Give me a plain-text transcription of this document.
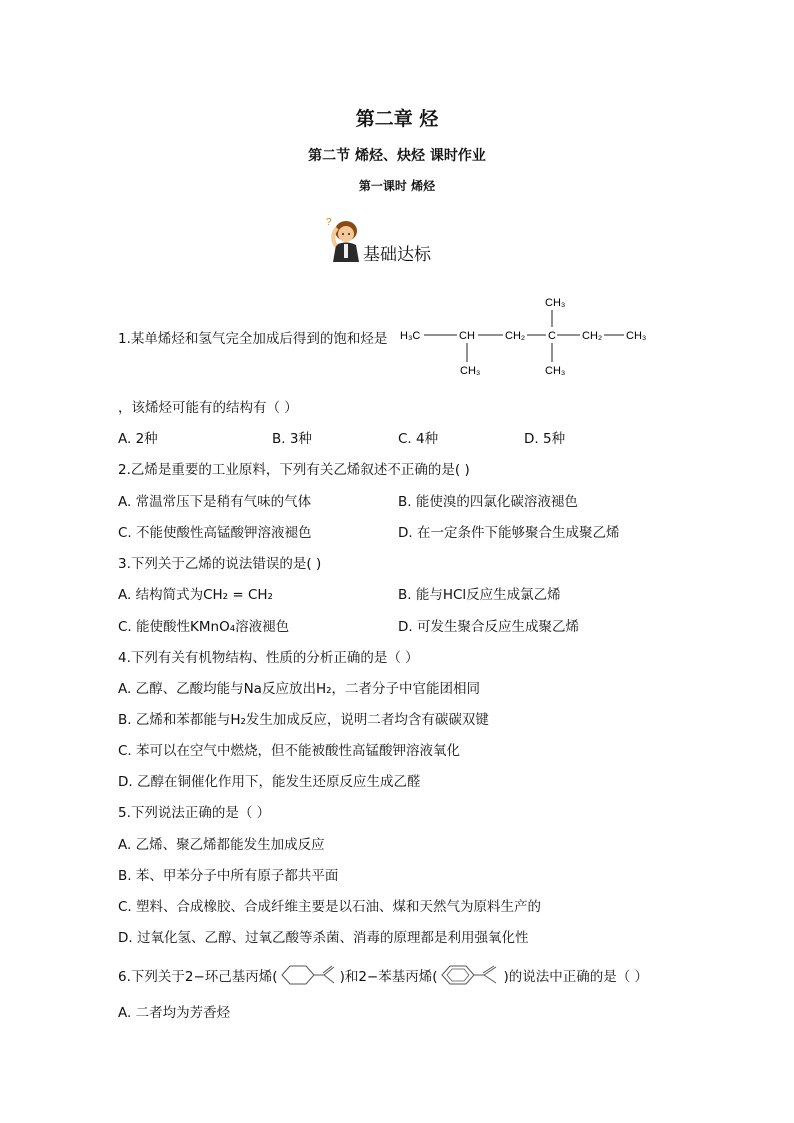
第二章 烃
第二节 烯烃、炔烃 课时作业
第一课时 烯烃
?
基础达标
1.某单烯烃和氢气完全加成后得到的饱和烃是 H₃C	CH	CH₂ C CH₂ CH₃
CH₃
CH₃	CH₃
，该烯烃可能有的结构有（ ）
A. 2种	B. 3种	C. 4种	D. 5种
2.乙烯是重要的工业原料，下列有关乙烯叙述不正确的是( )
A. 常温常压下是稍有气味的气体	B. 能使溴的四氯化碳溶液褪色
C. 不能使酸性高锰酸钾溶液褪色	D. 在一定条件下能够聚合生成聚乙烯
3.下列关于乙烯的说法错误的是( )
A. 结构简式为CH₂ = CH₂	B. 能与HCl反应生成氯乙烯
C. 能使酸性KMnO₄溶液褪色	D. 可发生聚合反应生成聚乙烯
4.下列有关有机物结构、性质的分析正确的是（ ）
A. 乙醇、乙酸均能与Na反应放出H₂，二者分子中官能团相同
B. 乙烯和苯都能与H₂发生加成反应，说明二者均含有碳碳双键
C. 苯可以在空气中燃烧，但不能被酸性高锰酸钾溶液氧化
D. 乙醇在铜催化作用下，能发生还原反应生成乙醛
5.下列说法正确的是（ ）
A. 乙烯、聚乙烯都能发生加成反应
B. 苯、甲苯分子中所有原子都共平面
C. 塑料、合成橡胶、合成纤维主要是以石油、煤和天然气为原料生产的
D. 过氧化氢、乙醇、过氧乙酸等杀菌、消毒的原理都是利用强氧化性
6.下列关于2−环己基丙烯(	)和2−苯基丙烯(	)的说法中正确的是（ ）
A. 二者均为芳香烃
